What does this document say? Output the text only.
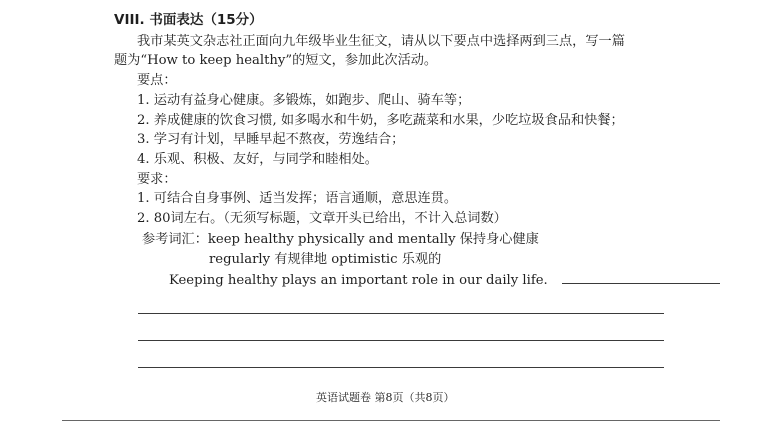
VIII. 书面表达（15分）
我市某英文杂志社正面向九年级毕业生征文，请从以下要点中选择两到三点，写一篇
题为“How to keep healthy”的短文，参加此次活动。
要点：
1. 运动有益身心健康。多锻炼，如跑步、爬山、骑车等；
2. 养成健康的饮食习惯, 如多喝水和牛奶，多吃蔬菜和水果，少吃垃圾食品和快餐；
3. 学习有计划，早睡早起不熬夜，劳逸结合；
4. 乐观、积极、友好，与同学和睦相处。
要求：
1. 可结合自身事例、适当发挥；语言通顺，意思连贯。
2. 80词左右。（无须写标题，文章开头已给出，不计入总词数）
参考词汇：keep healthy physically and mentally 保持身心健康
regularly 有规律地 optimistic 乐观的
Keeping healthy plays an important role in our daily life.
英语试题卷 第8页（共8页）
